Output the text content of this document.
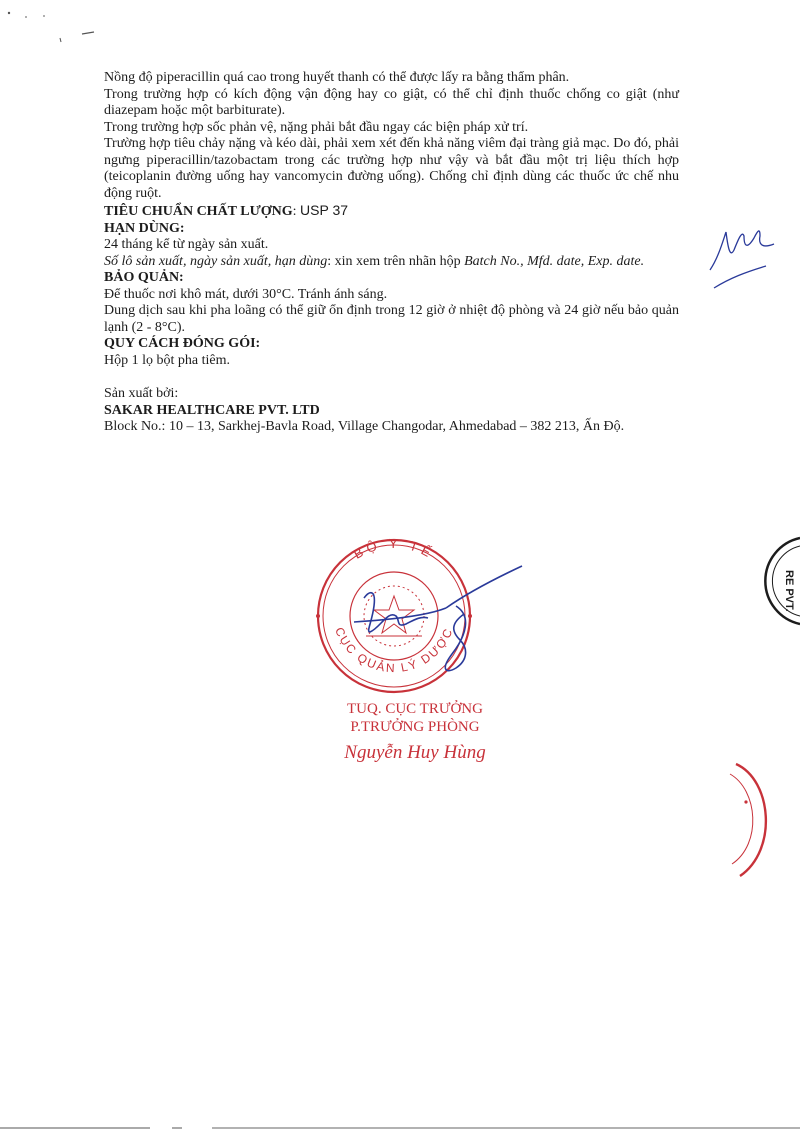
Nồng độ piperacillin quá cao trong huyết thanh có thể được lấy ra bằng thẩm phân.

Trong trường hợp có kích động vận động hay co giật, có thể chỉ định thuốc chống co giật (như diazepam hoặc một barbiturate).

Trong trường hợp sốc phản vệ, nặng phải bắt đầu ngay các biện pháp xử trí.

Trường hợp tiêu chảy nặng và kéo dài, phải xem xét đến khả năng viêm đại tràng giả mạc. Do đó, phải ngưng piperacillin/tazobactam trong các trường hợp như vậy và bắt đầu một trị liệu thích hợp (teicoplanin đường uống hay vancomycin đường uống). Chống chỉ định dùng các thuốc ức chế nhu động ruột.

TIÊU CHUẨN CHẤT LƯỢNG: USP 37

HẠN DÙNG:

24 tháng kể từ ngày sản xuất.

Số lô sản xuất, ngày sản xuất, hạn dùng: xin xem trên nhãn hộp Batch No., Mfd. date, Exp. date.

BẢO QUẢN:

Để thuốc nơi khô mát, dưới 30°C. Tránh ánh sáng.

Dung dịch sau khi pha loãng có thể giữ ổn định trong 12 giờ ở nhiệt độ phòng và 24 giờ nếu bảo quản lạnh (2 - 8°C).

QUY CÁCH ĐÓNG GÓI:

Hộp 1 lọ bột pha tiêm.

Sản xuất bởi:

SAKAR HEALTHCARE PVT. LTD

Block No.: 10 – 13, Sarkhej-Bavla Road, Village Changodar, Ahmedabad – 382 213, Ấn Độ.

BỘ Y TẾ
CỤC QUẢN LÝ DƯỢC
TUQ. CỤC TRƯỞNG
P.TRƯỞNG PHÒNG
Nguyễn Huy Hùng
RE PVT.
